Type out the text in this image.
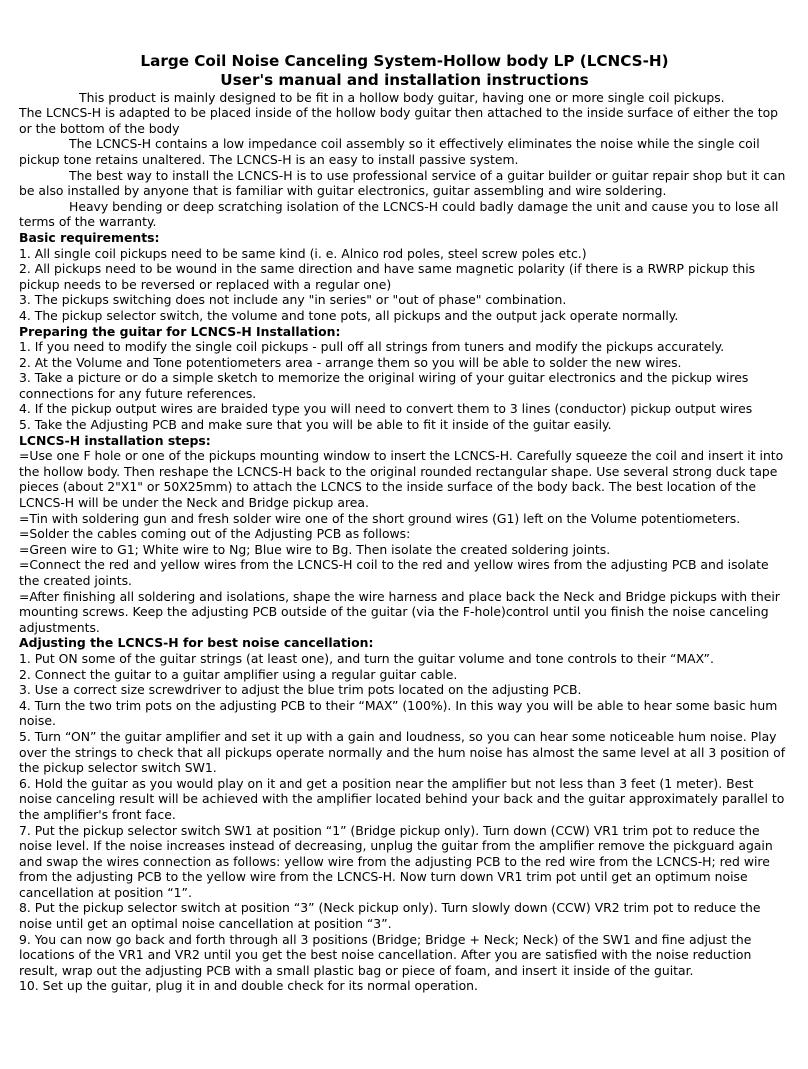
Large Coil Noise Canceling System-Hollow body LP (LCNCS-H)
User's manual and installation instructions

This product is mainly designed to be fit in a hollow body guitar, having one or more single coil pickups.

The LCNCS-H is adapted to be placed inside of the hollow body guitar then attached to the inside surface of either the top or the bottom of the body

The LCNCS-H contains a low impedance coil assembly so it effectively eliminates the noise while the single coil pickup tone retains unaltered. The LCNCS-H is an easy to install passive system.

The best way to install the LCNCS-H is to use professional service of a guitar builder or guitar repair shop but it can be also installed by anyone that is familiar with guitar electronics, guitar assembling and wire soldering.

Heavy bending or deep scratching isolation of the LCNCS-H could badly damage the unit and cause you to lose all terms of the warranty.

Basic requirements:

1. All single coil pickups need to be same kind (i. e. Alnico rod poles, steel screw poles etc.)

2. All pickups need to be wound in the same direction and have same magnetic polarity (if there is a RWRP pickup this pickup needs to be reversed or replaced with a regular one)

3. The pickups switching does not include any "in series" or "out of phase" combination.

4. The pickup selector switch, the volume and tone pots, all pickups and the output jack operate normally.

Preparing the guitar for LCNCS-H Installation:

1. If you need to modify the single coil pickups - pull off all strings from tuners and modify the pickups accurately.

2. At the Volume and Tone potentiometers area - arrange them so you will be able to solder the new wires.

3. Take a picture or do a simple sketch to memorize the original wiring of your guitar electronics and the pickup wires connections for any future references.

4. If the pickup output wires are braided type you will need to convert them to 3 lines (conductor) pickup output wires

5. Take the Adjusting PCB and make sure that you will be able to fit it inside of the guitar easily.

LCNCS-H installation steps:

=Use one F hole or one of the pickups mounting window to insert the LCNCS-H. Carefully squeeze the coil and insert it into the hollow body. Then reshape the LCNCS-H back to the original rounded rectangular shape. Use several strong duck tape pieces (about 2"X1" or 50X25mm) to attach the LCNCS to the inside surface of the body back. The best location of the LCNCS-H will be under the Neck and Bridge pickup area.

=Tin with soldering gun and fresh solder wire one of the short ground wires (G1) left on the Volume potentiometers.

=Solder the cables coming out of the Adjusting PCB as follows:

=Green wire to G1; White wire to Ng; Blue wire to Bg. Then isolate the created soldering joints.

=Connect the red and yellow wires from the LCNCS-H coil to the red and yellow wires from the adjusting PCB and isolate the created joints.

=After finishing all soldering and isolations, shape the wire harness and place back the Neck and Bridge pickups with their mounting screws. Keep the adjusting PCB outside of the guitar (via the F-hole)control until you finish the noise canceling adjustments.

Adjusting the LCNCS-H for best noise cancellation:

1. Put ON some of the guitar strings (at least one), and turn the guitar volume and tone controls to their “MAX”.

2. Connect the guitar to a guitar amplifier using a regular guitar cable.

3. Use a correct size screwdriver to adjust the blue trim pots located on the adjusting PCB.

4. Turn the two trim pots on the adjusting PCB to their “MAX” (100%). In this way you will be able to hear some basic hum noise.

5. Turn “ON” the guitar amplifier and set it up with a gain and loudness, so you can hear some noticeable hum noise. Play over the strings to check that all pickups operate normally and the hum noise has almost the same level at all 3 position of the pickup selector switch SW1.

6. Hold the guitar as you would play on it and get a position near the amplifier but not less than 3 feet (1 meter). Best noise canceling result will be achieved with the amplifier located behind your back and the guitar approximately parallel to the amplifier's front face.

7. Put the pickup selector switch SW1 at position “1” (Bridge pickup only). Turn down (CCW) VR1 trim pot to reduce the noise level. If the noise increases instead of decreasing, unplug the guitar from the amplifier remove the pickguard again and swap the wires connection as follows: yellow wire from the adjusting PCB to the red wire from the LCNCS-H; red wire from the adjusting PCB to the yellow wire from the LCNCS-H. Now turn down VR1 trim pot until get an optimum noise cancellation at position “1”.

8. Put the pickup selector switch at position “3” (Neck pickup only). Turn slowly down (CCW) VR2 trim pot to reduce the noise until get an optimal noise cancellation at position “3”.

9. You can now go back and forth through all 3 positions (Bridge; Bridge + Neck; Neck) of the SW1 and fine adjust the locations of the VR1 and VR2 until you get the best noise cancellation. After you are satisfied with the noise reduction result, wrap out the adjusting PCB with a small plastic bag or piece of foam, and insert it inside of the guitar.

10. Set up the guitar, plug it in and double check for its normal operation.
